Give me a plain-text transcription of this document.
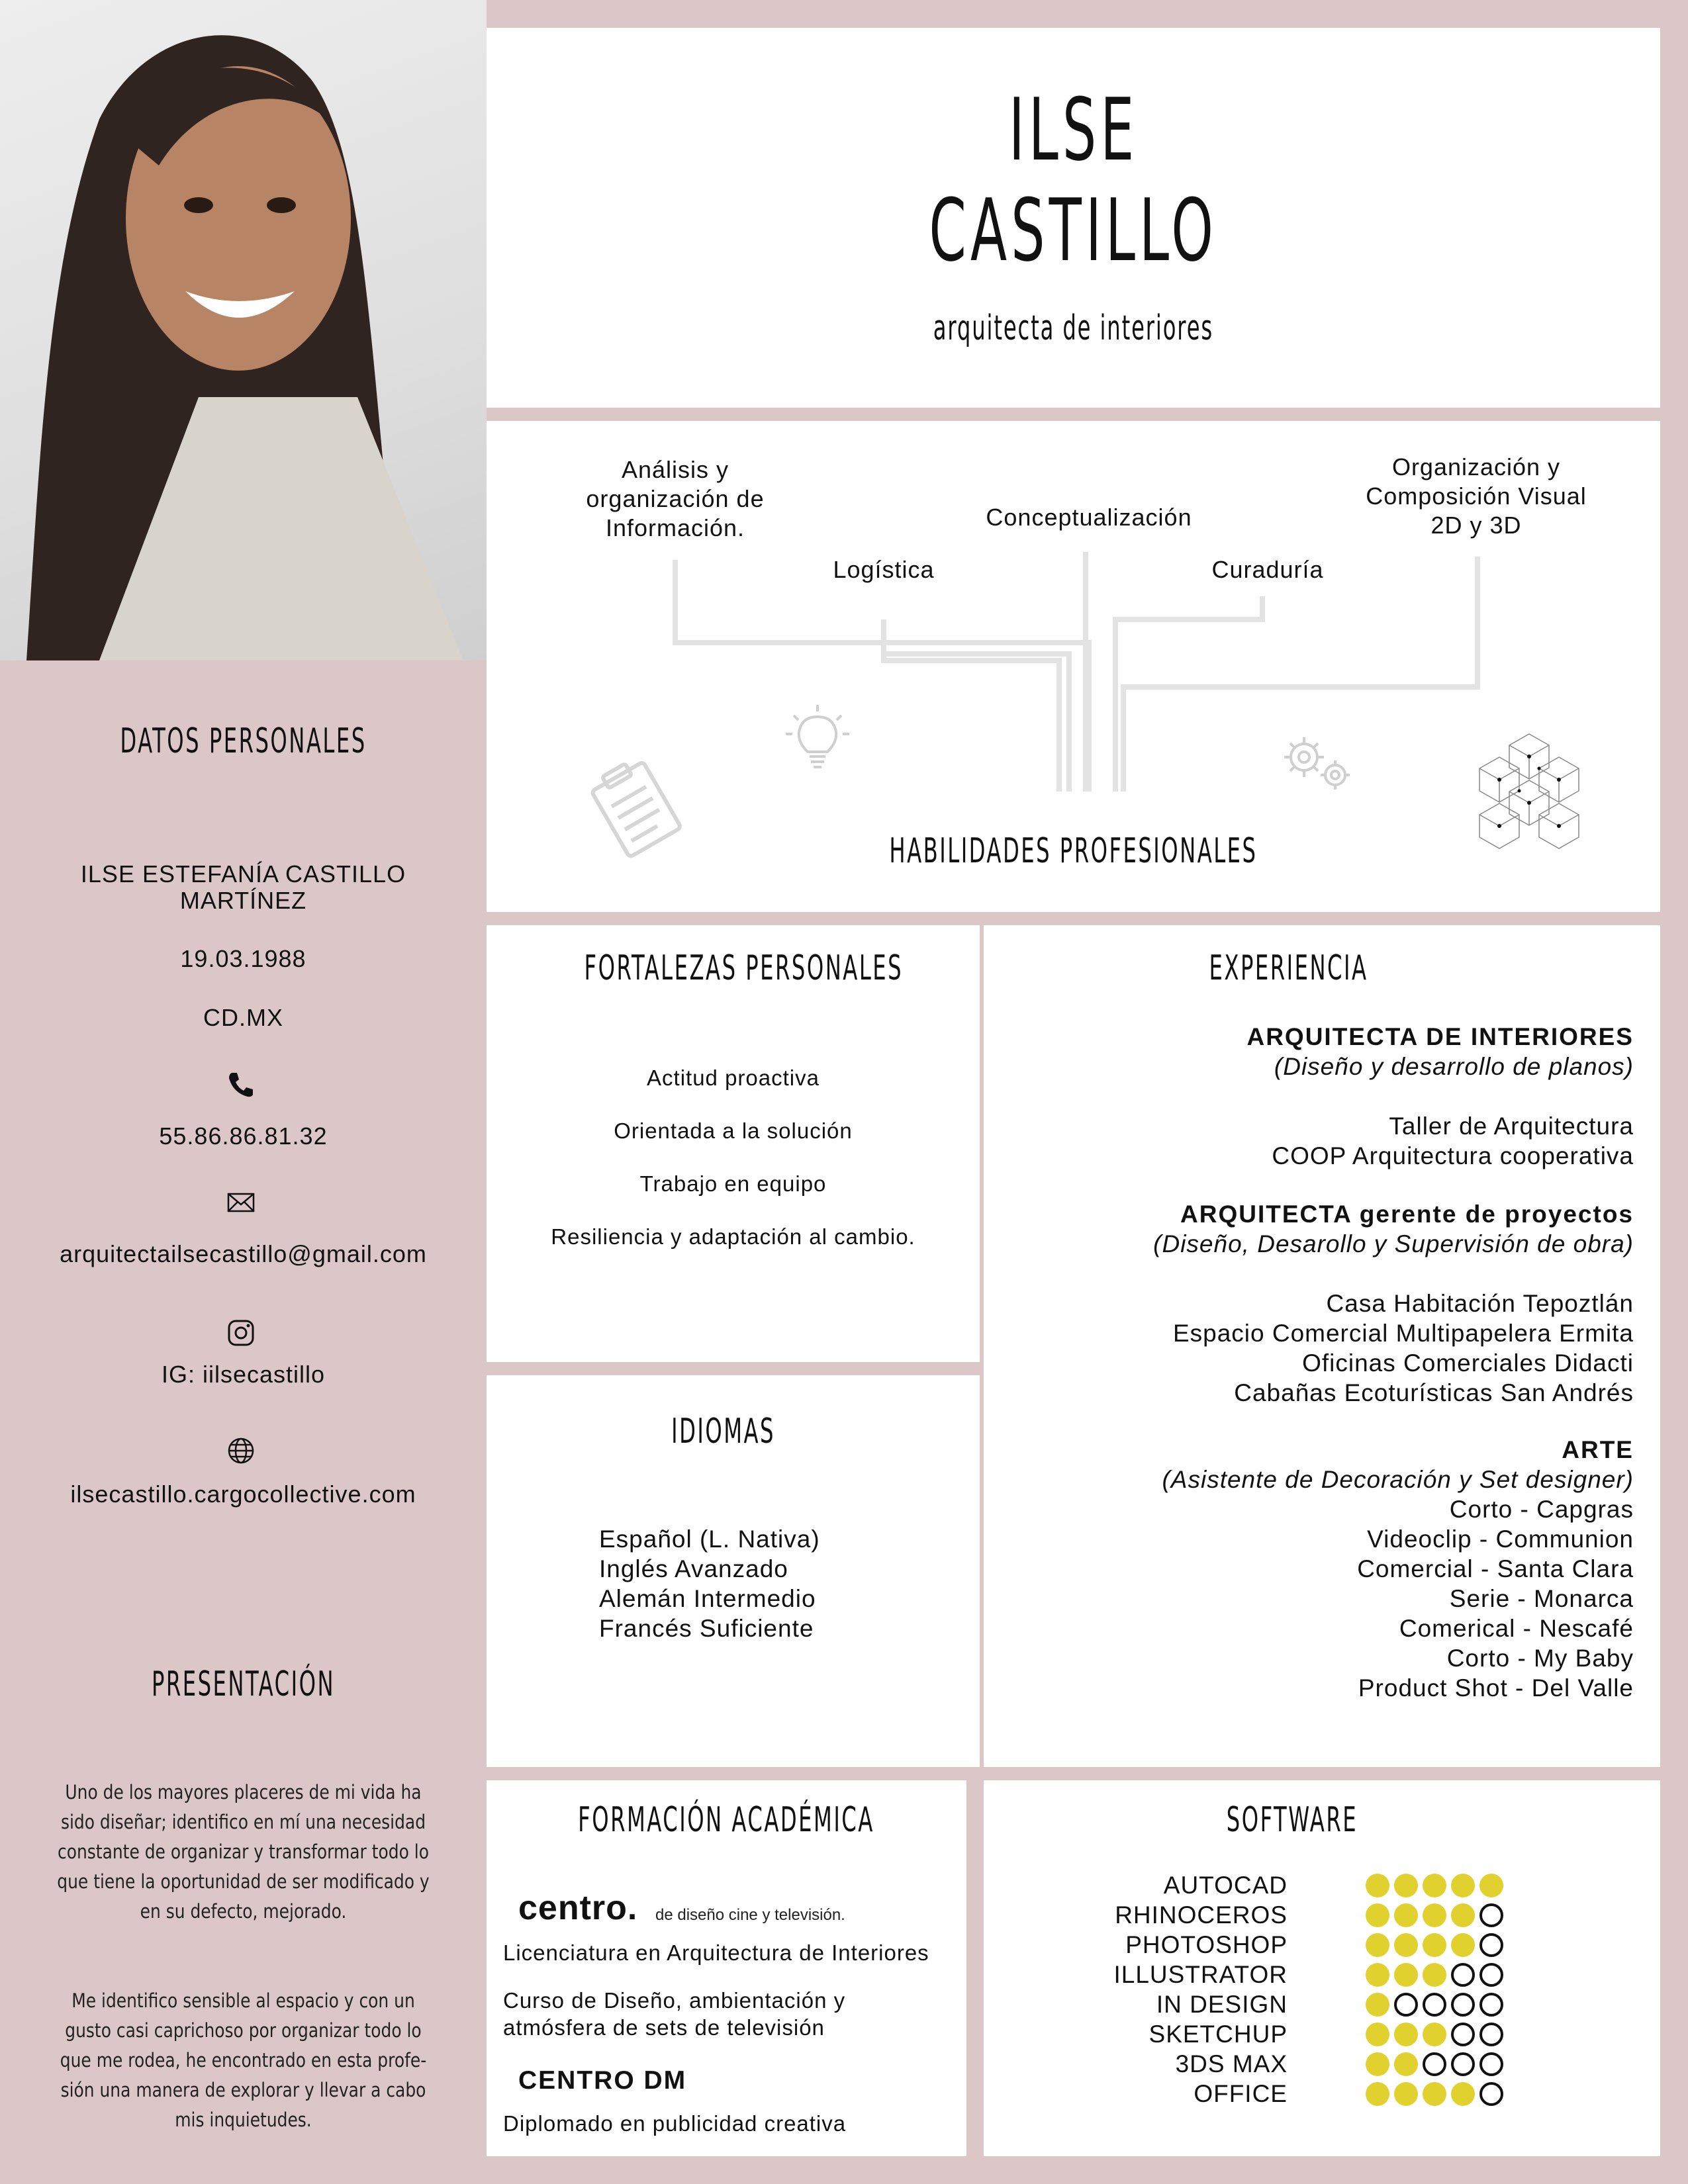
DATOS PERSONALES
ILSE ESTEFANÍA CASTILLO
MARTÍNEZ
19.03.1988
CD.MX
55.86.86.81.32
arquitectailsecastillo@gmail.com
IG: iilsecastillo
ilsecastillo.cargocollective.com
PRESENTACIÓN
Uno de los mayores placeres de mi vida ha
sido diseñar; identifico en mí una necesidad
constante de organizar y transformar todo lo
que tiene la oportunidad de ser modificado y
en su defecto, mejorado.
Me identifico sensible al espacio y con un
gusto casi caprichoso por organizar todo lo
que me rodea, he encontrado en esta profe-
sión una manera de explorar y llevar a cabo
mis inquietudes.
ILSE
CASTILLO
arquitecta de interiores
Análisis y
organización de
Información.
Logística
Conceptualización
Curaduría
Organización y
Composición Visual
2D y 3D
HABILIDADES PROFESIONALES
FORTALEZAS PERSONALES
Actitud proactiva
Orientada a la solución
Trabajo en equipo
Resiliencia y adaptación al cambio.
IDIOMAS
Español (L. Nativa)
Inglés Avanzado
Alemán Intermedio
Francés Suficiente
EXPERIENCIA
ARQUITECTA DE INTERIORES
(Diseño y desarrollo de planos)
Taller de Arquitectura
COOP Arquitectura cooperativa
ARQUITECTA gerente de proyectos
(Diseño, Desarollo y Supervisión de obra)
Casa Habitación Tepoztlán
Espacio Comercial Multipapelera Ermita
Oficinas Comerciales Didacti
Cabañas Ecoturísticas San Andrés
ARTE
(Asistente de Decoración y Set designer)
Corto - Capgras
Videoclip - Communion
Comercial - Santa Clara
Serie - Monarca
Comerical - Nescafé
Corto - My Baby
Product Shot - Del Valle
FORMACIÓN ACADÉMICA
centro. de diseño cine y televisión.
Licenciatura en Arquitectura de Interiores
Curso de Diseño, ambientación y
atmósfera de sets de televisión
CENTRO DM
Diplomado en publicidad creativa
SOFTWARE
AUTOCAD
RHINOCEROS
PHOTOSHOP
ILLUSTRATOR
IN DESIGN
SKETCHUP
3DS MAX
OFFICE
